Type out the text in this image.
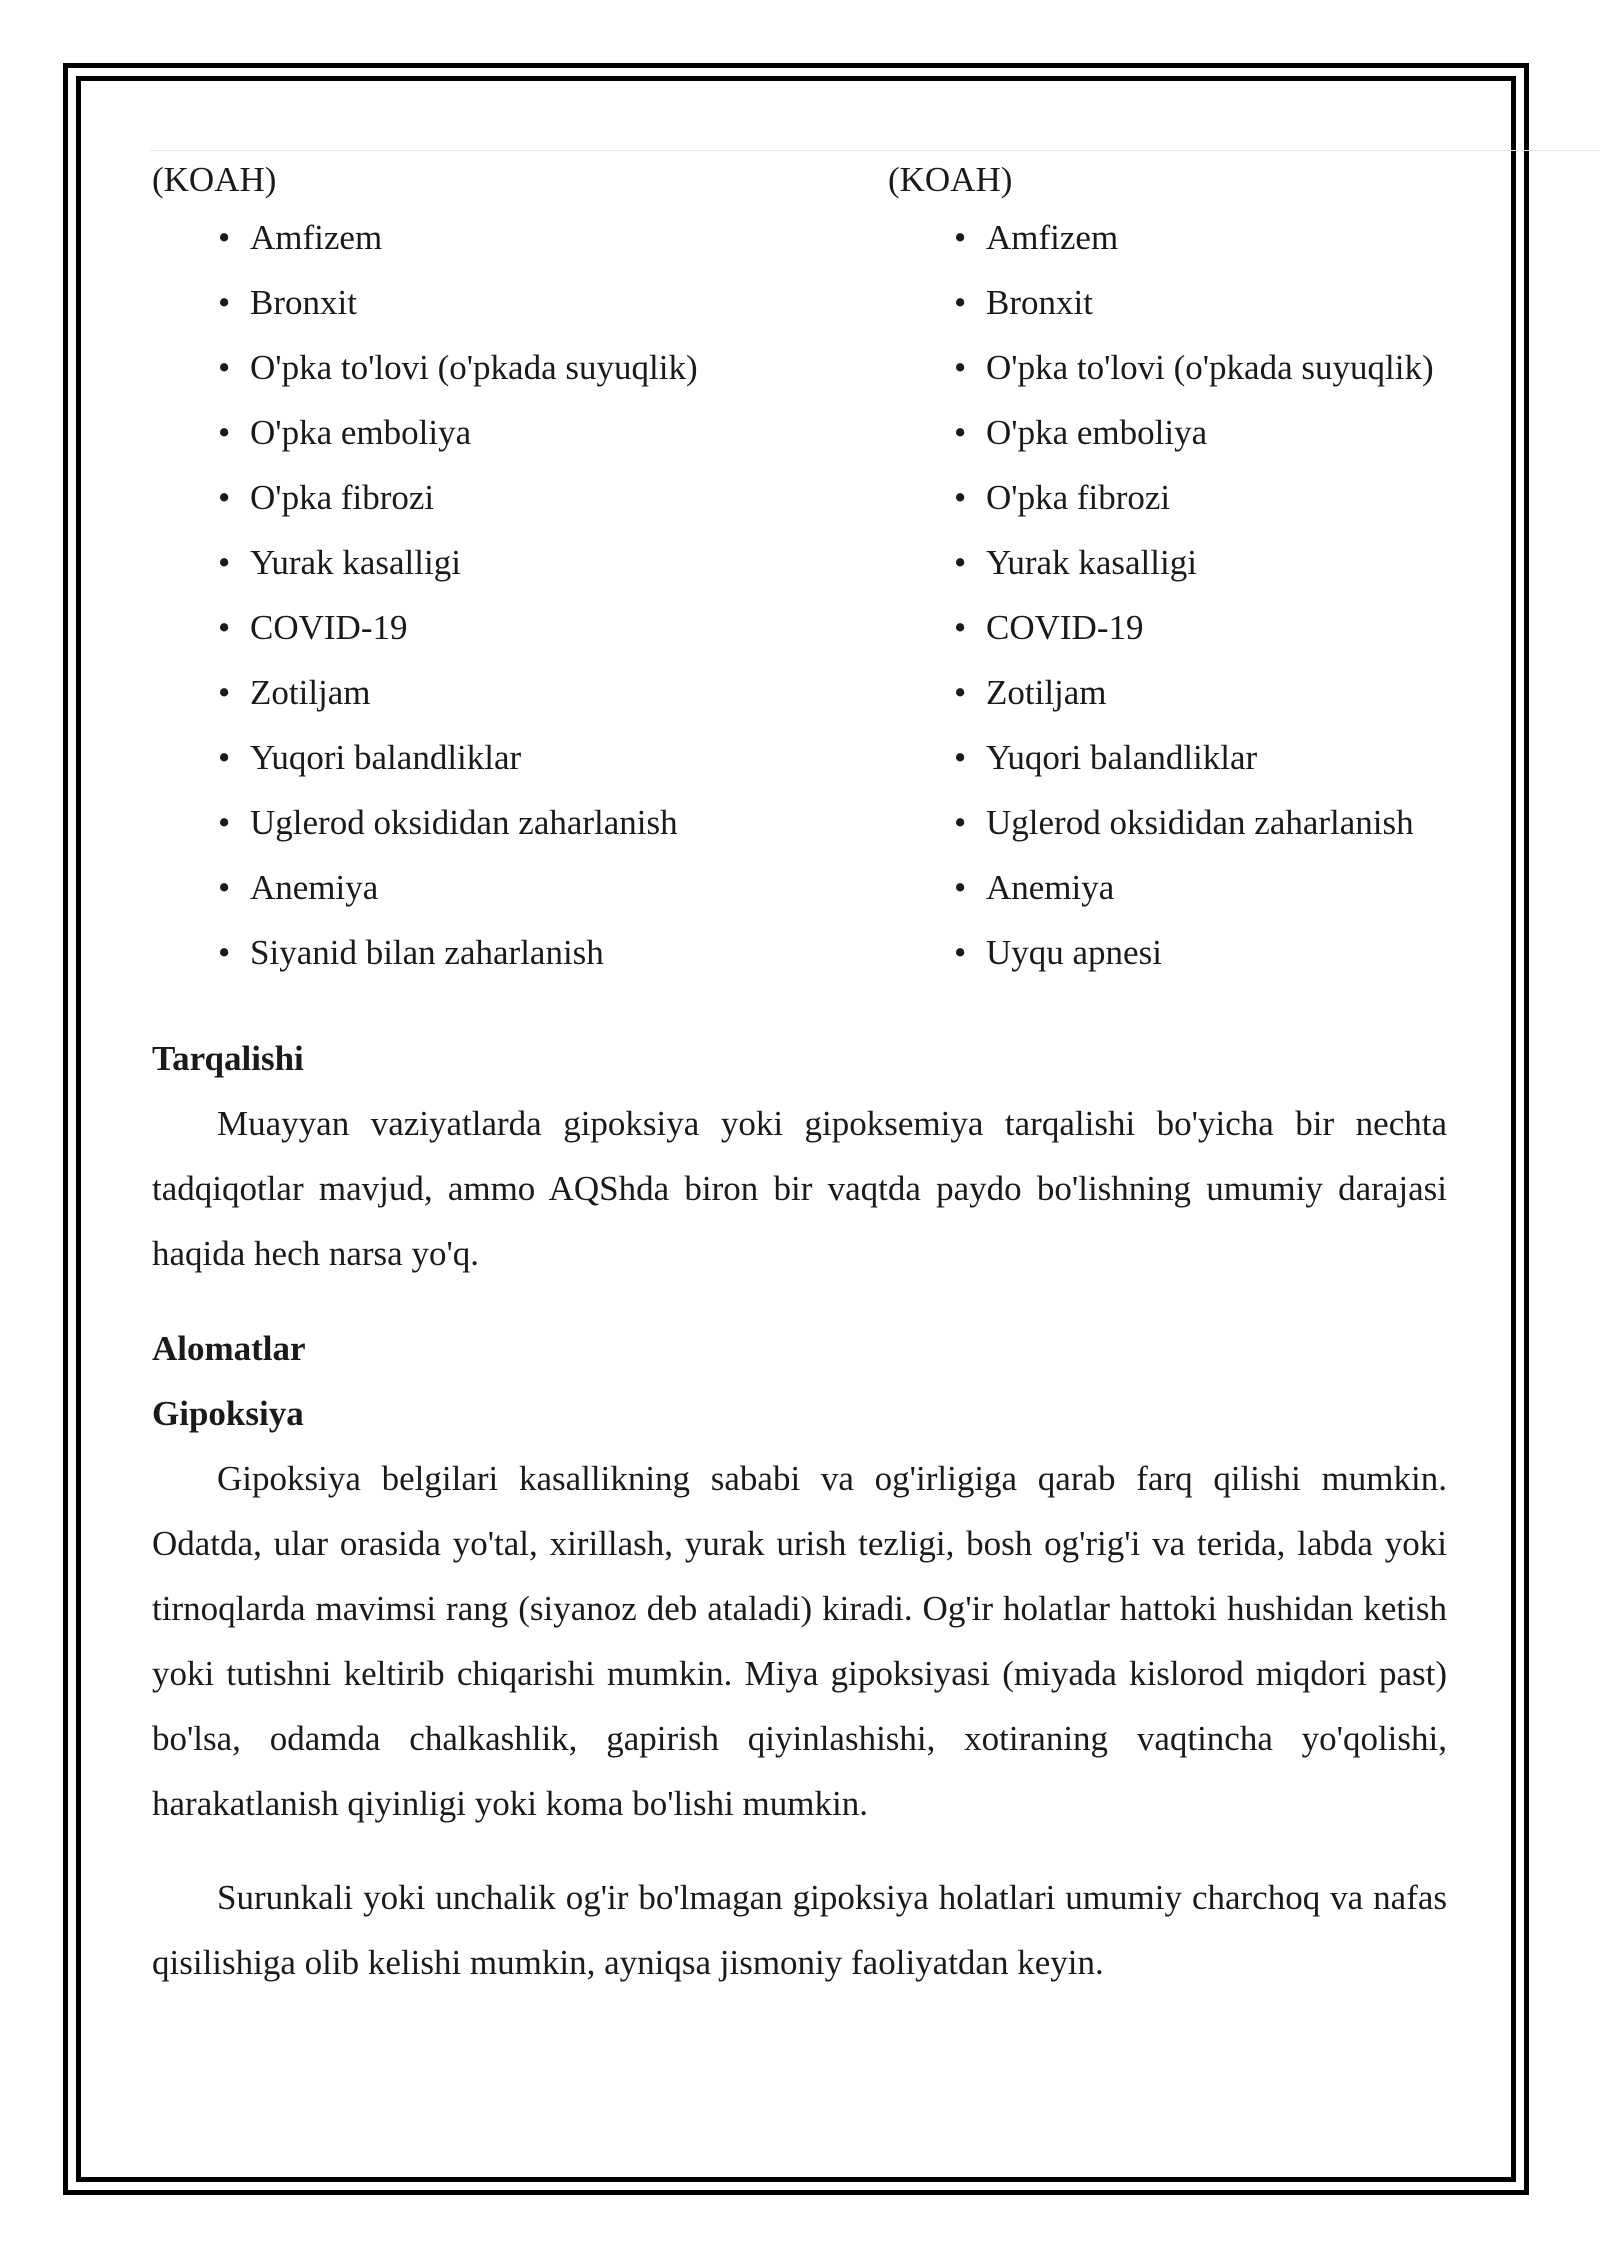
(KOAH)

• Amfizem
• Bronxit
• O'pka to'lovi (o'pkada suyuqlik)
• O'pka emboliya
• O'pka fibrozi
• Yurak kasalligi
• COVID-19
• Zotiljam
• Yuqori balandliklar
• Uglerod oksididan zaharlanish
• Anemiya
• Siyanid bilan zaharlanish

(KOAH)

• Amfizem
• Bronxit
• O'pka to'lovi (o'pkada suyuqlik)
• O'pka emboliya
• O'pka fibrozi
• Yurak kasalligi
• COVID-19
• Zotiljam
• Yuqori balandliklar
• Uglerod oksididan zaharlanish
• Anemiya
• Uyqu apnesi

Tarqalishi

Muayyan vaziyatlarda gipoksiya yoki gipoksemiya tarqalishi bo'yicha bir nechta tadqiqotlar mavjud, ammo AQShda biron bir vaqtda paydo bo'lishning umumiy darajasi haqida hech narsa yo'q.

Alomatlar

Gipoksiya

Gipoksiya belgilari kasallikning sababi va og'irligiga qarab farq qilishi mumkin. Odatda, ular orasida yo'tal, xirillash, yurak urish tezligi, bosh og'rig'i va terida, labda yoki tirnoqlarda mavimsi rang (siyanoz deb ataladi) kiradi. Og'ir holatlar hattoki hushidan ketish yoki tutishni keltirib chiqarishi mumkin. Miya gipoksiyasi (miyada kislorod miqdori past) bo'lsa, odamda chalkashlik, gapirish qiyinlashishi, xotiraning vaqtincha yo'qolishi, harakatlanish qiyinligi yoki koma bo'lishi mumkin.

Surunkali yoki unchalik og'ir bo'lmagan gipoksiya holatlari umumiy charchoq va nafas qisilishiga olib kelishi mumkin, ayniqsa jismoniy faoliyatdan keyin.
